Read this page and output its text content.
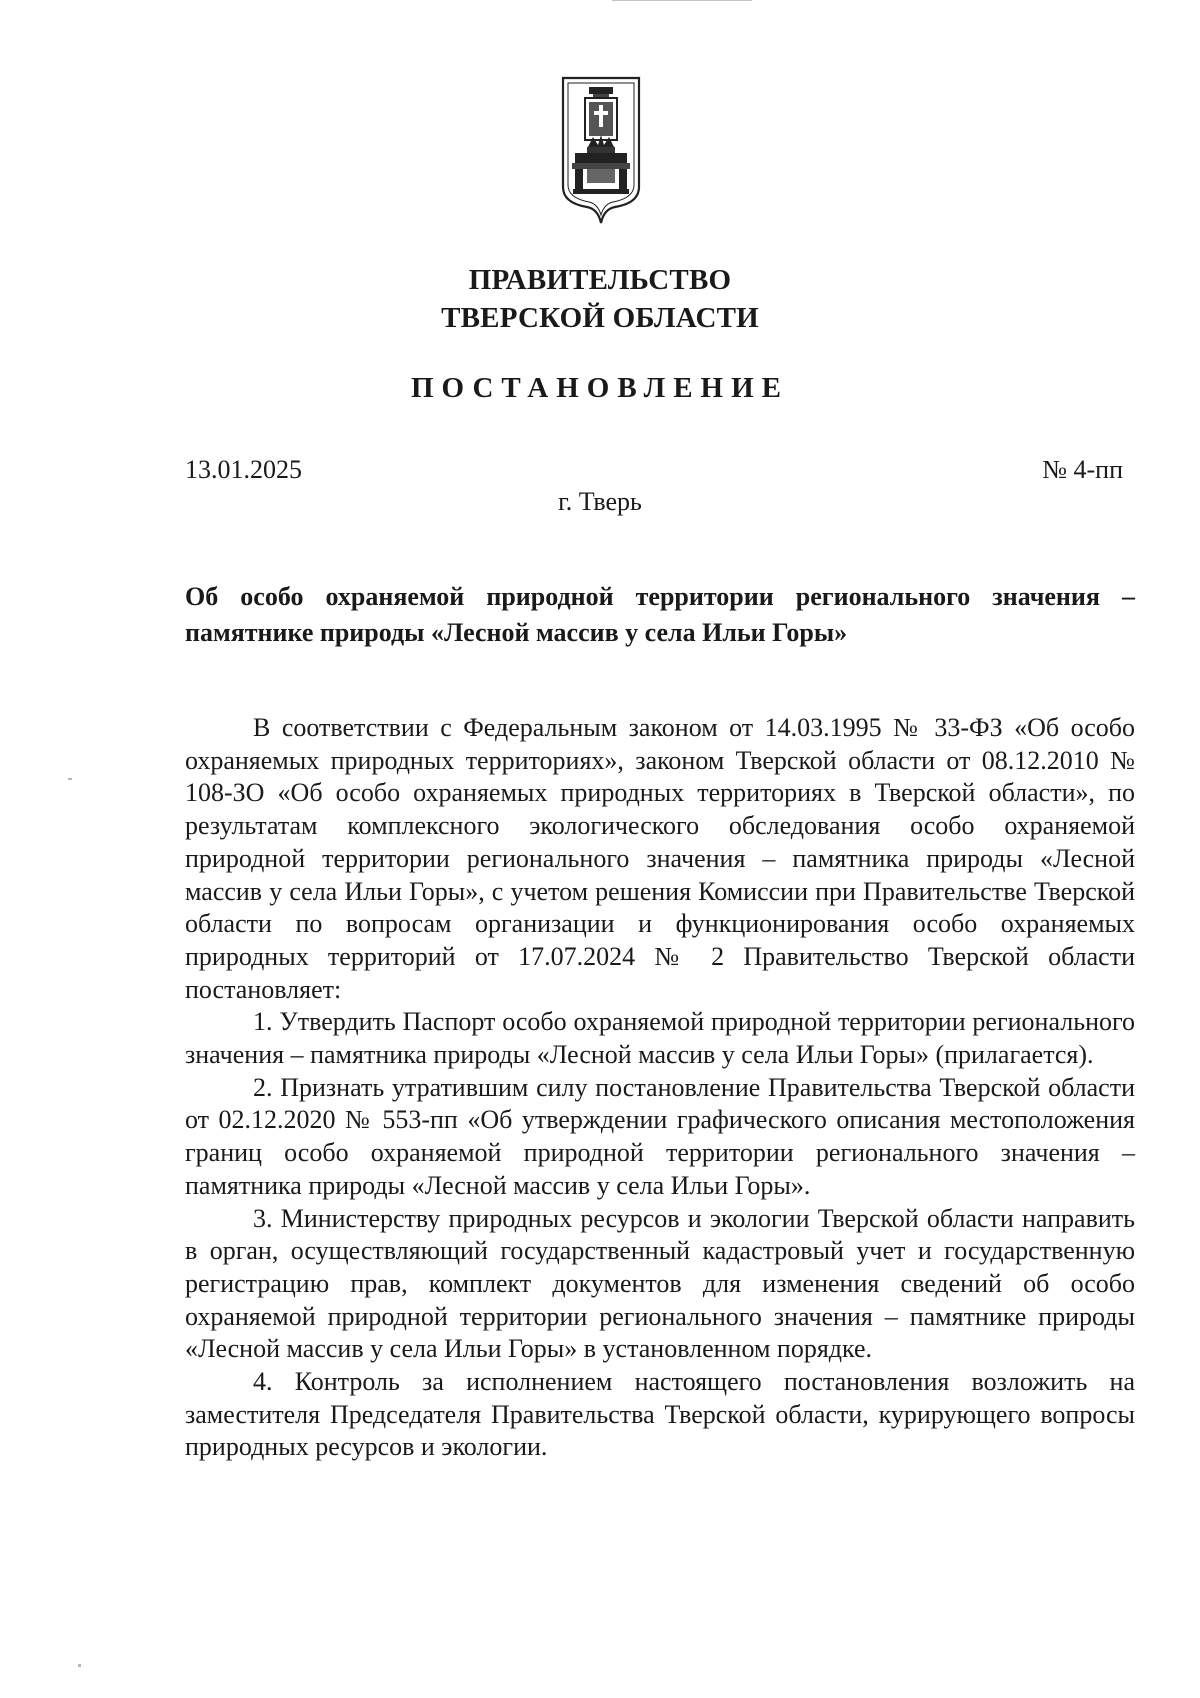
ПРАВИТЕЛЬСТВО
ТВЕРСКОЙ ОБЛАСТИ
ПОСТАНОВЛЕНИЕ
13.01.2025	№ 4-пп
г. Тверь
Об особо охраняемой природной территории регионального значения – памятнике природы «Лесной массив у села Ильи Горы»

В соответствии с Федеральным законом от 14.03.1995 № 33-ФЗ «Об особо охраняемых природных территориях», законом Тверской области от 08.12.2010 № 108-ЗО «Об особо охраняемых природных территориях в Тверской области», по результатам комплексного экологического обследования особо охраняемой природной территории регионального значения – памятника природы «Лесной массив у села Ильи Горы», с учетом решения Комиссии при Правительстве Тверской области по вопросам организации и функционирования особо охраняемых природных территорий от 17.07.2024 № 2 Правительство Тверской области постановляет:

1. Утвердить Паспорт особо охраняемой природной территории регионального значения – памятника природы «Лесной массив у села Ильи Горы» (прилагается).

2. Признать утратившим силу постановление Правительства Тверской области от 02.12.2020 № 553-пп «Об утверждении графического описания местоположения границ особо охраняемой природной территории регионального значения – памятника природы «Лесной массив у села Ильи Горы».

3. Министерству природных ресурсов и экологии Тверской области направить в орган, осуществляющий государственный кадастровый учет и государственную регистрацию прав, комплект документов для изменения сведений об особо охраняемой природной территории регионального значения – памятнике природы «Лесной массив у села Ильи Горы» в установленном порядке.

4. Контроль за исполнением настоящего постановления возложить на заместителя Председателя Правительства Тверской области, курирующего вопросы природных ресурсов и экологии.
